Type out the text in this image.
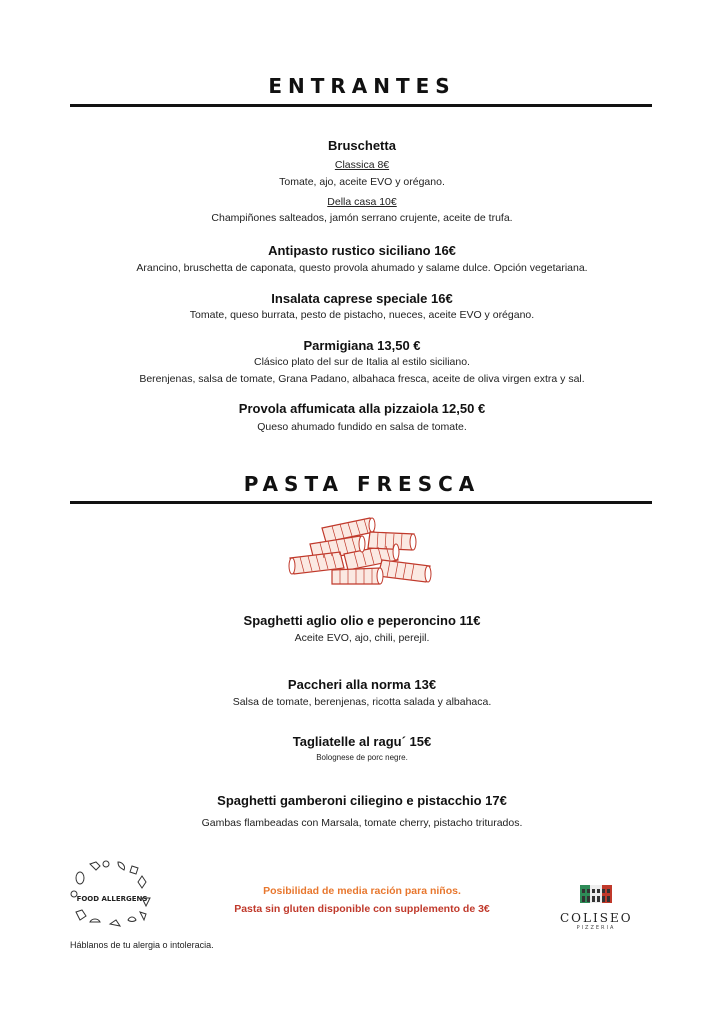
ENTRANTES
Bruschetta
Classica 8€
Tomate, ajo, aceite EVO y orégano.
Della casa 10€
Champiñones salteados, jamón serrano crujente, aceite de trufa.
Antipasto rustico siciliano 16€
Arancino, bruschetta de caponata, questo provola ahumado y salame dulce. Opción vegetariana.
Insalata caprese speciale 16€
Tomate, queso burrata, pesto de pistacho, nueces, aceite EVO y orégano.
Parmigiana 13,50 €
Clásico plato del sur de Italia al estilo siciliano.
Berenjenas, salsa de tomate, Grana Padano, albahaca fresca, aceite de oliva virgen extra y sal.
Provola affumicata alla pizzaiola 12,50 €
Queso ahumado fundido en salsa de tomate.
PASTA FRESCA
Spaghetti aglio olio e peperoncino 11€
Aceite EVO, ajo, chili, perejil.
Paccheri alla norma 13€
Salsa de tomate, berenjenas, ricotta salada y albahaca.
Tagliatelle al ragu´ 15€
Bolognese de porc negre.
Spaghetti gamberoni ciliegino e pistacchio 17€
Gambas flambeadas con Marsala, tomate cherry, pistacho triturados.
Posibilidad de media ración para niños.
Pasta sin gluten disponible con supplemento de 3€
FOOD ALLERGENS
Háblanos de tu alergia o intoleracia.
COLISEO
PIZZERIA
